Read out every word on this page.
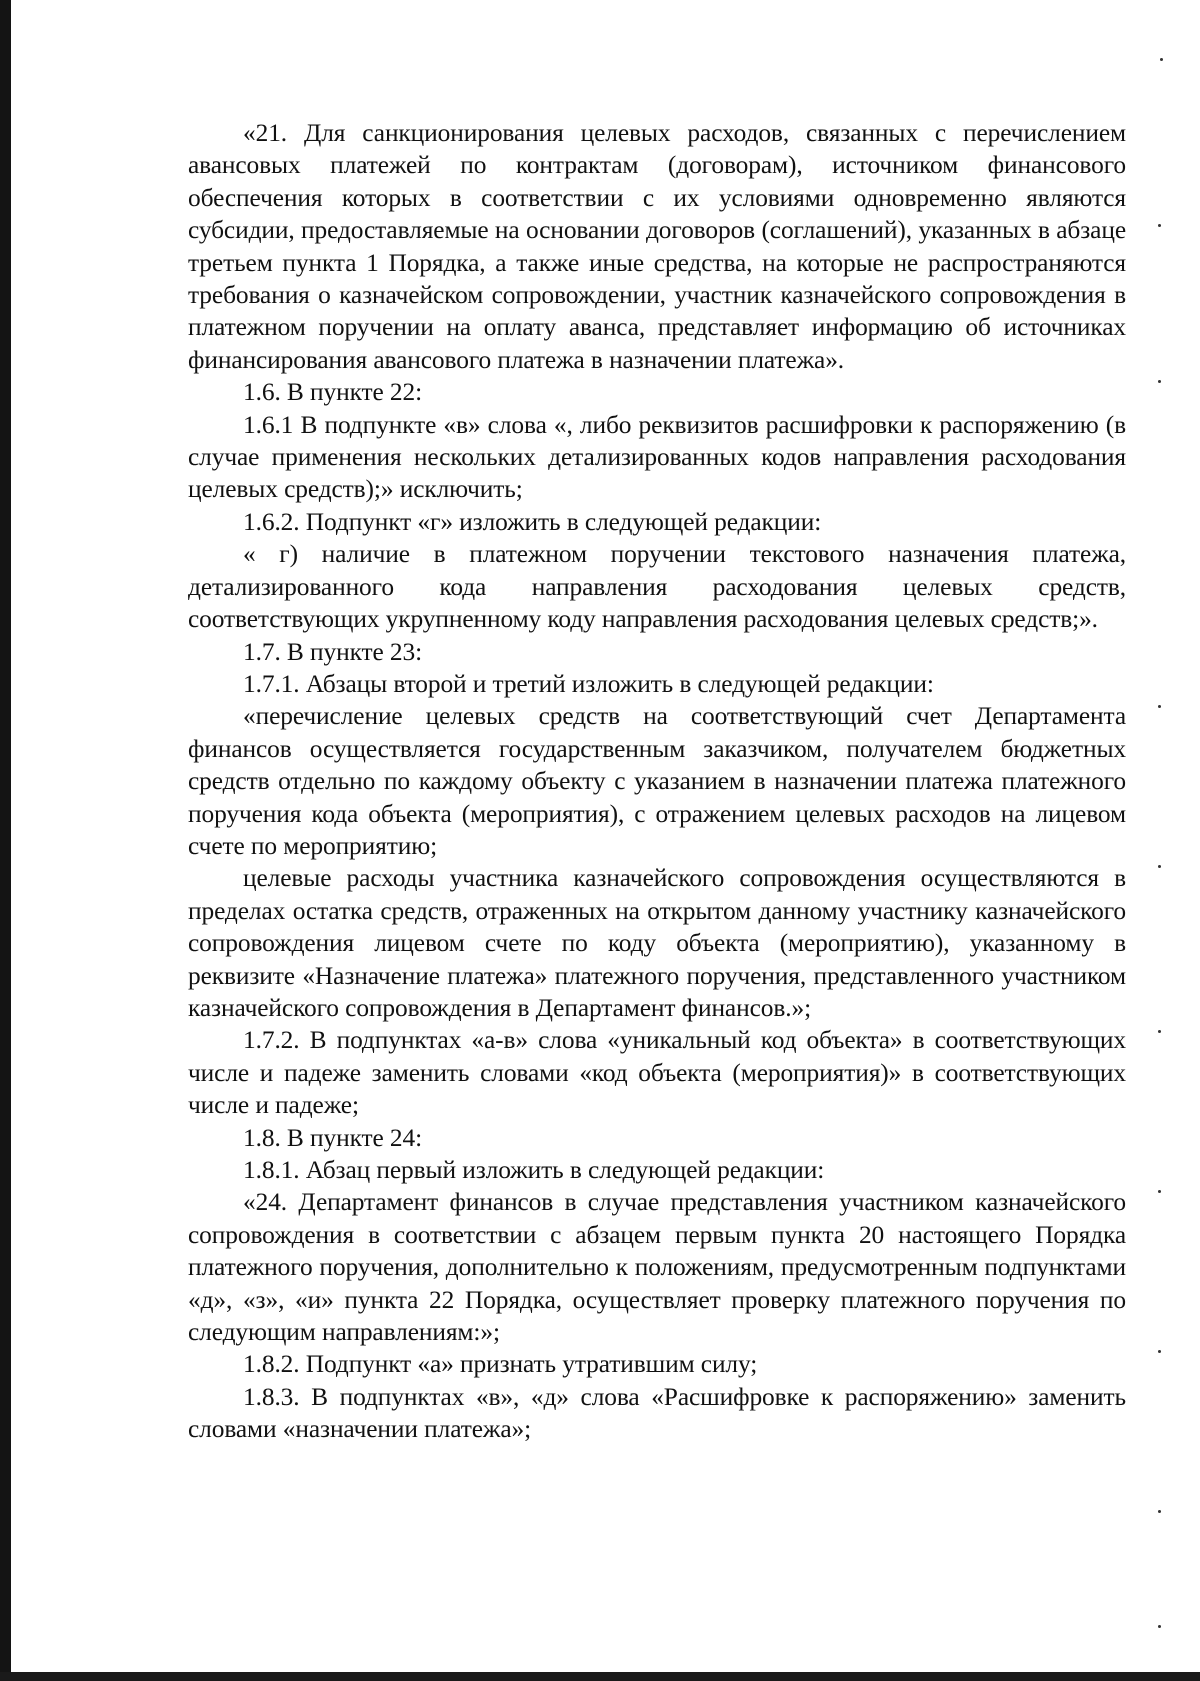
«21. Для санкционирования целевых расходов, связанных с перечислением авансовых платежей по контрактам (договорам), источником финансового обеспечения которых в соответствии с их условиями одновременно являются субсидии, предоставляемые на основании договоров (соглашений), указанных в абзаце третьем пункта 1 Порядка, а также иные средства, на которые не распространяются требования о казначейском сопровождении, участник казначейского сопровождения в платежном поручении на оплату аванса, представляет информацию об источниках финансирования авансового платежа в назначении платежа».

1.6. В пункте 22:

1.6.1 В подпункте «в» слова «, либо реквизитов расшифровки к распоряжению (в случае применения нескольких детализированных кодов направления расходования целевых средств);» исключить;

1.6.2. Подпункт «г» изложить в следующей редакции:

« г) наличие в платежном поручении текстового назначения платежа, детализированного кода направления расходования целевых средств, соответствующих укрупненному коду направления расходования целевых средств;».

1.7. В пункте 23:

1.7.1. Абзацы второй и третий изложить в следующей редакции:

«перечисление целевых средств на соответствующий счет Департамента финансов осуществляется государственным заказчиком, получателем бюджетных средств отдельно по каждому объекту с указанием в назначении платежа платежного поручения кода объекта (мероприятия), с отражением целевых расходов на лицевом счете по мероприятию;

целевые расходы участника казначейского сопровождения осуществляются в пределах остатка средств, отраженных на открытом данному участнику казначейского сопровождения лицевом счете по коду объекта (мероприятию), указанному в реквизите «Назначение платежа» платежного поручения, представленного участником казначейского сопровождения в Департамент финансов.»;

1.7.2. В подпунктах «а-в» слова «уникальный код объекта» в соответствующих числе и падеже заменить словами «код объекта (мероприятия)» в соответствующих числе и падеже;

1.8. В пункте 24:

1.8.1. Абзац первый изложить в следующей редакции:

«24. Департамент финансов в случае представления участником казначейского сопровождения в соответствии с абзацем первым пункта 20 настоящего Порядка платежного поручения, дополнительно к положениям, предусмотренным подпунктами «д», «з», «и» пункта 22 Порядка, осуществляет проверку платежного поручения по следующим направлениям:»;

1.8.2. Подпункт «а» признать утратившим силу;

1.8.3. В подпунктах «в», «д» слова «Расшифровке к распоряжению» заменить словами «назначении платежа»;
